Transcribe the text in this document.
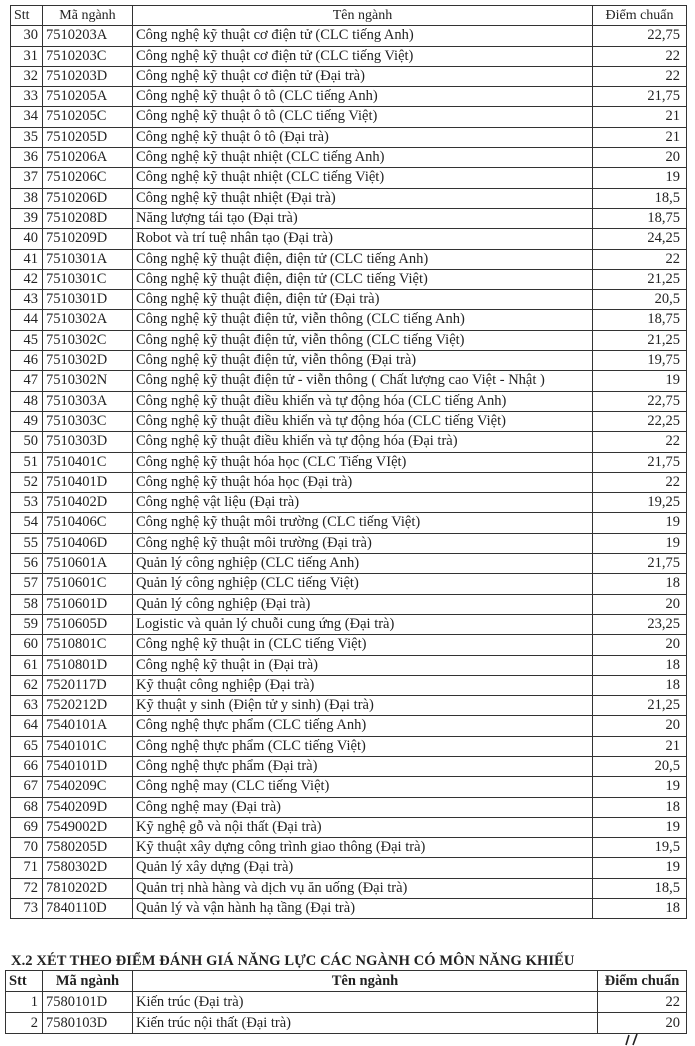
Stt	Mã ngành	Tên ngành	Điểm chuẩn
30	7510203A	Công nghệ kỹ thuật cơ điện tử (CLC tiếng Anh)	22,75
31	7510203C	Công nghệ kỹ thuật cơ điện tử (CLC tiếng Việt)	22
32	7510203D	Công nghệ kỹ thuật cơ điện tử (Đại trà)	22
33	7510205A	Công nghệ kỹ thuật ô tô (CLC tiếng Anh)	21,75
34	7510205C	Công nghệ kỹ thuật ô tô (CLC tiếng Việt)	21
35	7510205D	Công nghệ kỹ thuật ô tô (Đại trà)	21
36	7510206A	Công nghệ kỹ thuật nhiệt (CLC tiếng Anh)	20
37	7510206C	Công nghệ kỹ thuật nhiệt (CLC tiếng Việt)	19
38	7510206D	Công nghệ kỹ thuật nhiệt (Đại trà)	18,5
39	7510208D	Năng lượng tái tạo (Đại trà)	18,75
40	7510209D	Robot và trí tuệ nhân tạo (Đại trà)	24,25
41	7510301A	Công nghệ kỹ thuật điện, điện tử (CLC tiếng Anh)	22
42	7510301C	Công nghệ kỹ thuật điện, điện tử (CLC tiếng Việt)	21,25
43	7510301D	Công nghệ kỹ thuật điện, điện tử (Đại trà)	20,5
44	7510302A	Công nghệ kỹ thuật điện tử, viễn thông (CLC tiếng Anh)	18,75
45	7510302C	Công nghệ kỹ thuật điện tử, viễn thông (CLC tiếng Việt)	21,25
46	7510302D	Công nghệ kỹ thuật điện tử, viễn thông (Đại trà)	19,75
47	7510302N	Công nghệ kỹ thuật điện tử - viễn thông ( Chất lượng cao Việt - Nhật )	19
48	7510303A	Công nghệ kỹ thuật điều khiển và tự động hóa (CLC tiếng Anh)	22,75
49	7510303C	Công nghệ kỹ thuật điều khiển và tự động hóa (CLC tiếng Việt)	22,25
50	7510303D	Công nghệ kỹ thuật điều khiển và tự động hóa (Đại trà)	22
51	7510401C	Công nghệ kỹ thuật hóa học (CLC Tiếng VIệt)	21,75
52	7510401D	Công nghệ kỹ thuật hóa học (Đại trà)	22
53	7510402D	Công nghệ vật liệu (Đại trà)	19,25
54	7510406C	Công nghệ kỹ thuật môi trường (CLC tiếng Việt)	19
55	7510406D	Công nghệ kỹ thuật môi trường (Đại trà)	19
56	7510601A	Quản lý công nghiệp (CLC tiếng Anh)	21,75
57	7510601C	Quản lý công nghiệp (CLC tiếng Việt)	18
58	7510601D	Quản lý công nghiệp (Đại trà)	20
59	7510605D	Logistic và quản lý chuỗi cung ứng (Đại trà)	23,25
60	7510801C	Công nghệ kỹ thuật in (CLC tiếng Việt)	20
61	7510801D	Công nghệ kỹ thuật in (Đại trà)	18
62	7520117D	Kỹ thuật công nghiệp (Đại trà)	18
63	7520212D	Kỹ thuật y sinh (Điện tử y sinh) (Đại trà)	21,25
64	7540101A	Công nghệ thực phẩm (CLC tiếng Anh)	20
65	7540101C	Công nghệ thực phẩm (CLC tiếng Việt)	21
66	7540101D	Công nghệ thực phẩm (Đại trà)	20,5
67	7540209C	Công nghệ may (CLC tiếng Việt)	19
68	7540209D	Công nghệ may (Đại trà)	18
69	7549002D	Kỹ nghệ gỗ và nội thất (Đại trà)	19
70	7580205D	Kỹ thuật xây dựng công trình giao thông (Đại trà)	19,5
71	7580302D	Quản lý xây dựng (Đại trà)	19
72	7810202D	Quản trị nhà hàng và dịch vụ ăn uống (Đại trà)	18,5
73	7840110D	Quản lý và vận hành hạ tầng (Đại trà)	18

X.2 XÉT THEO ĐIỂM ĐÁNH GIÁ NĂNG LỰC CÁC NGÀNH CÓ MÔN NĂNG KHIẾU

Stt	Mã ngành	Tên ngành	Điểm chuẩn
1	7580101D	Kiến trúc (Đại trà)	22
2	7580103D	Kiến trúc nội thất (Đại trà)	20
